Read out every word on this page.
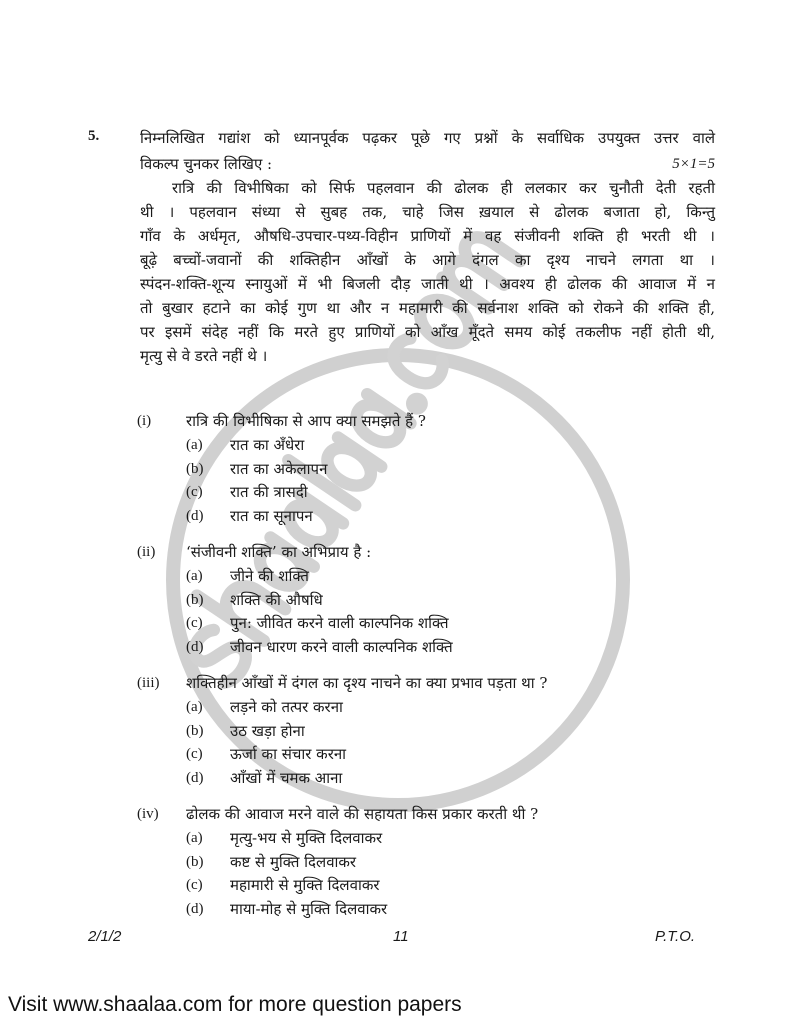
5.	निम्नलिखित गद्यांश को ध्यानपूर्वक पढ़कर पूछे गए प्रश्नों के सर्वाधिक उपयुक्त उत्तर वाले
विकल्प चुनकर लिखिए :	5×1=5
रात्रि की विभीषिका को सिर्फ पहलवान की ढोलक ही ललकार कर चुनौती देती रहती
थी । पहलवान संध्या से सुबह तक, चाहे जिस ख़याल से ढोलक बजाता हो, किन्तु
गाँव के अर्धमृत, औषधि-उपचार-पथ्य-विहीन प्राणियों में वह संजीवनी शक्ति ही भरती थी ।
बूढ़े बच्चों-जवानों की शक्तिहीन आँखों के आगे दंगल का दृश्य नाचने लगता था ।
स्पंदन-शक्ति-शून्य स्नायुओं में भी बिजली दौड़ जाती थी । अवश्य ही ढोलक की आवाज में न
तो बुखार हटाने का कोई गुण था और न महामारी की सर्वनाश शक्ति को रोकने की शक्ति ही,
पर इसमें संदेह नहीं कि मरते हुए प्राणियों को आँख मूँदते समय कोई तकलीफ नहीं होती थी,
मृत्यु से वे डरते नहीं थे ।
(i) रात्रि की विभीषिका से आप क्या समझते हैं ?
(a) रात का अँधेरा
(b) रात का अकेलापन
(c) रात की त्रासदी
(d) रात का सूनापन
(ii) ‘संजीवनी शक्ति’ का अभिप्राय है :
(a) जीने की शक्ति
(b) शक्ति की औषधि
(c) पुन: जीवित करने वाली काल्पनिक शक्ति
(d) जीवन धारण करने वाली काल्पनिक शक्ति
(iii) शक्तिहीन आँखों में दंगल का दृश्य नाचने का क्या प्रभाव पड़ता था ?
(a) लड़ने को तत्पर करना
(b) उठ खड़ा होना
(c) ऊर्जा का संचार करना
(d) आँखों में चमक आना
(iv) ढोलक की आवाज मरने वाले की सहायता किस प्रकार करती थी ?
(a) मृत्यु-भय से मुक्ति दिलवाकर
(b) कष्ट से मुक्ति दिलवाकर
(c) महामारी से मुक्ति दिलवाकर
(d) माया-मोह से मुक्ति दिलवाकर
2/1/2	11	P.T.O.
Visit www.shaalaa.com for more question papers
